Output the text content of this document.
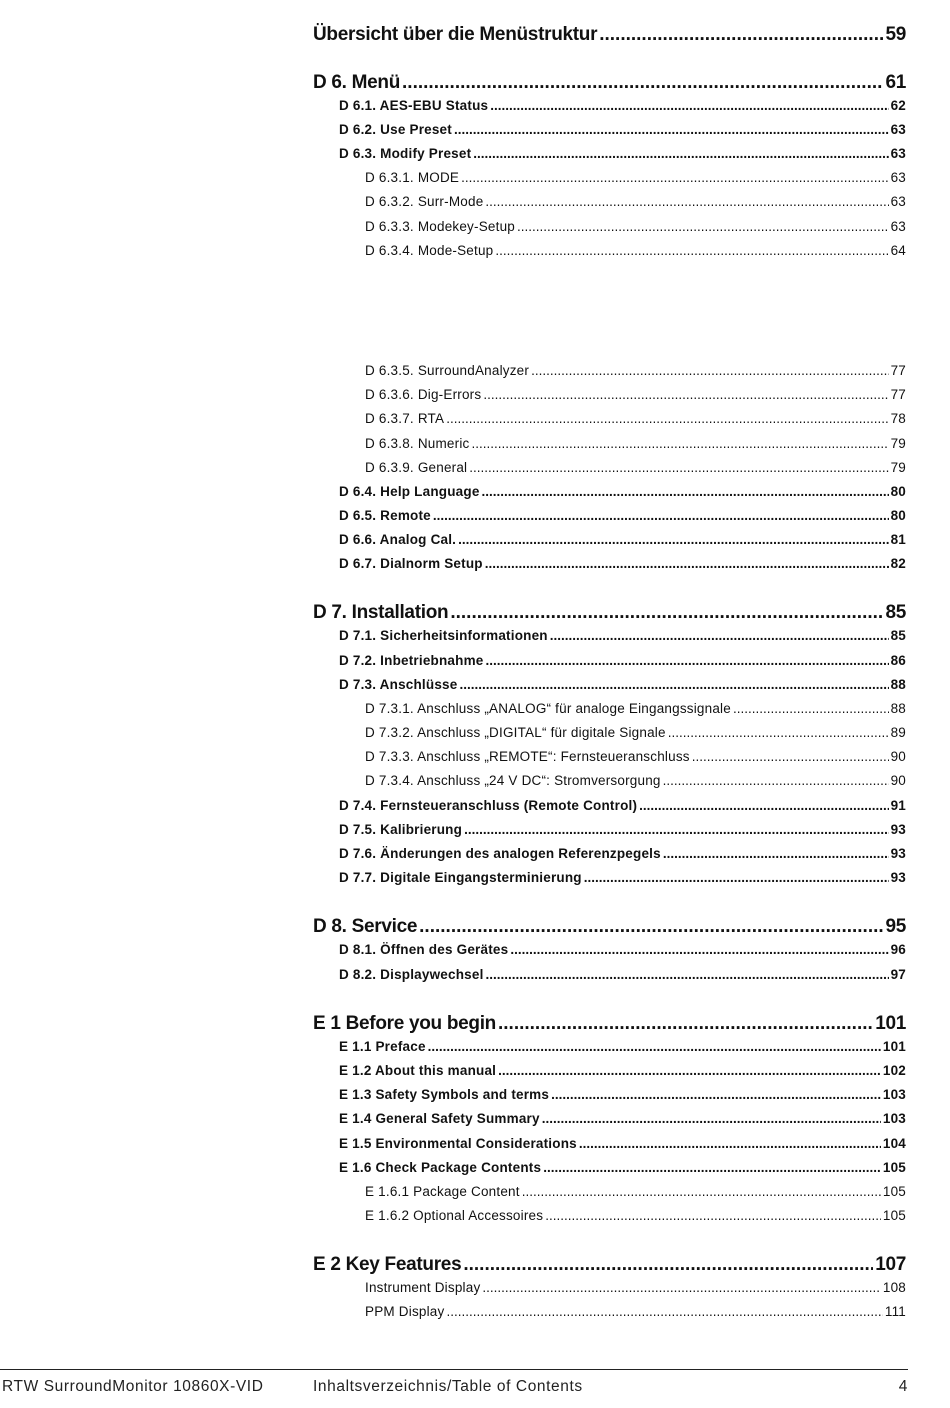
Übersicht über die Menüstruktur .....	59
D 6. Menü .....	61
D 6.1. AES-EBU Status .....	62
D 6.2. Use Preset .....	63
D 6.3. Modify Preset .....	63
D 6.3.1. MODE .....	63
D 6.3.2. Surr-Mode .....	63
D 6.3.3. Modekey-Setup .....	63
D 6.3.4. Mode-Setup .....	64
D 6.3.5. SurroundAnalyzer .....	77
D 6.3.6. Dig-Errors .....	77
D 6.3.7. RTA .....	78
D 6.3.8. Numeric .....	79
D 6.3.9. General .....	79
D 6.4. Help Language .....	80
D 6.5. Remote .....	80
D 6.6. Analog Cal. .....	81
D 6.7. Dialnorm Setup .....	82
D 7. Installation .....	85
D 7.1. Sicherheitsinformationen .....	85
D 7.2. Inbetriebnahme .....	86
D 7.3. Anschlüsse .....	88
D 7.3.1. Anschluss „ANALOG“ für analoge Eingangssignale .....	88
D 7.3.2. Anschluss „DIGITAL“ für digitale Signale .....	89
D 7.3.3. Anschluss „REMOTE“: Fernsteueranschluss .....	90
D 7.3.4. Anschluss „24 V DC“: Stromversorgung .....	90
D 7.4. Fernsteueranschluss (Remote Control) .....	91
D 7.5. Kalibrierung .....	93
D 7.6. Änderungen des analogen Referenzpegels .....	93
D 7.7. Digitale Eingangsterminierung .....	93
D 8. Service .....	95
D 8.1. Öffnen des Gerätes .....	96
D 8.2. Displaywechsel .....	97
E 1 Before you begin .....	101
E 1.1 Preface .....	101
E 1.2 About this manual .....	102
E 1.3 Safety Symbols and terms .....	103
E 1.4 General Safety Summary .....	103
E 1.5 Environmental Considerations .....	104
E 1.6 Check Package Contents .....	105
E 1.6.1 Package Content .....	105
E 1.6.2 Optional Accessoires .....	105
E 2 Key Features .....	107
Instrument Display .....	108
PPM Display .....	111
RTW SurroundMonitor 10860X-VID	Inhaltsverzeichnis/Table of Contents	4
